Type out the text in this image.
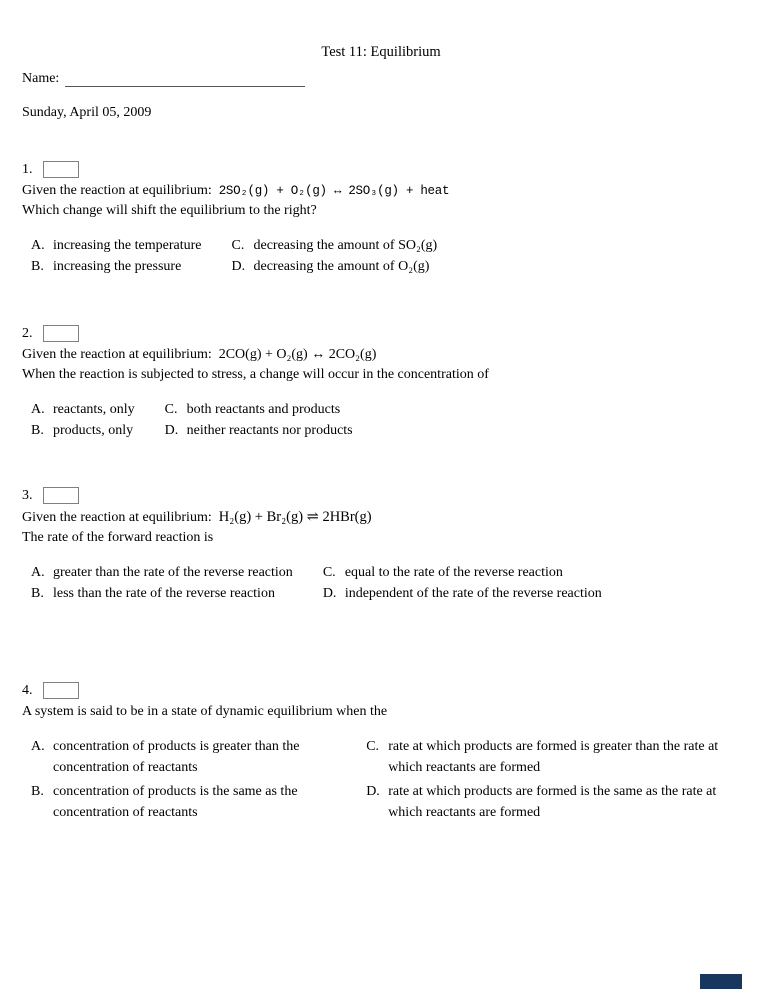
Test 11: Equilibrium
Name:
Sunday, April 05, 2009
1.
Given the reaction at equilibrium: 2SO₂(g) + O₂(g) ↔ 2SO₃(g) + heat
Which change will shift the equilibrium to the right?
A. increasing the temperature
B. increasing the pressure
C. decreasing the amount of SO₂(g)
D. decreasing the amount of O₂(g)
2.
Given the reaction at equilibrium: 2CO(g) + O₂(g) ↔ 2CO₂(g)
When the reaction is subjected to stress, a change will occur in the concentration of
A. reactants, only
B. products, only
C. both reactants and products
D. neither reactants nor products
3.
Given the reaction at equilibrium: H₂(g) + Br₂(g) ⇌ 2HBr(g)
The rate of the forward reaction is
A. greater than the rate of the reverse reaction
B. less than the rate of the reverse reaction
C. equal to the rate of the reverse reaction
D. independent of the rate of the reverse reaction
4.
A system is said to be in a state of dynamic equilibrium when the
A. concentration of products is greater than the concentration of reactants
B. concentration of products is the same as the concentration of reactants
C. rate at which products are formed is greater than the rate at which reactants are formed
D. rate at which products are formed is the same as the rate at which reactants are formed
